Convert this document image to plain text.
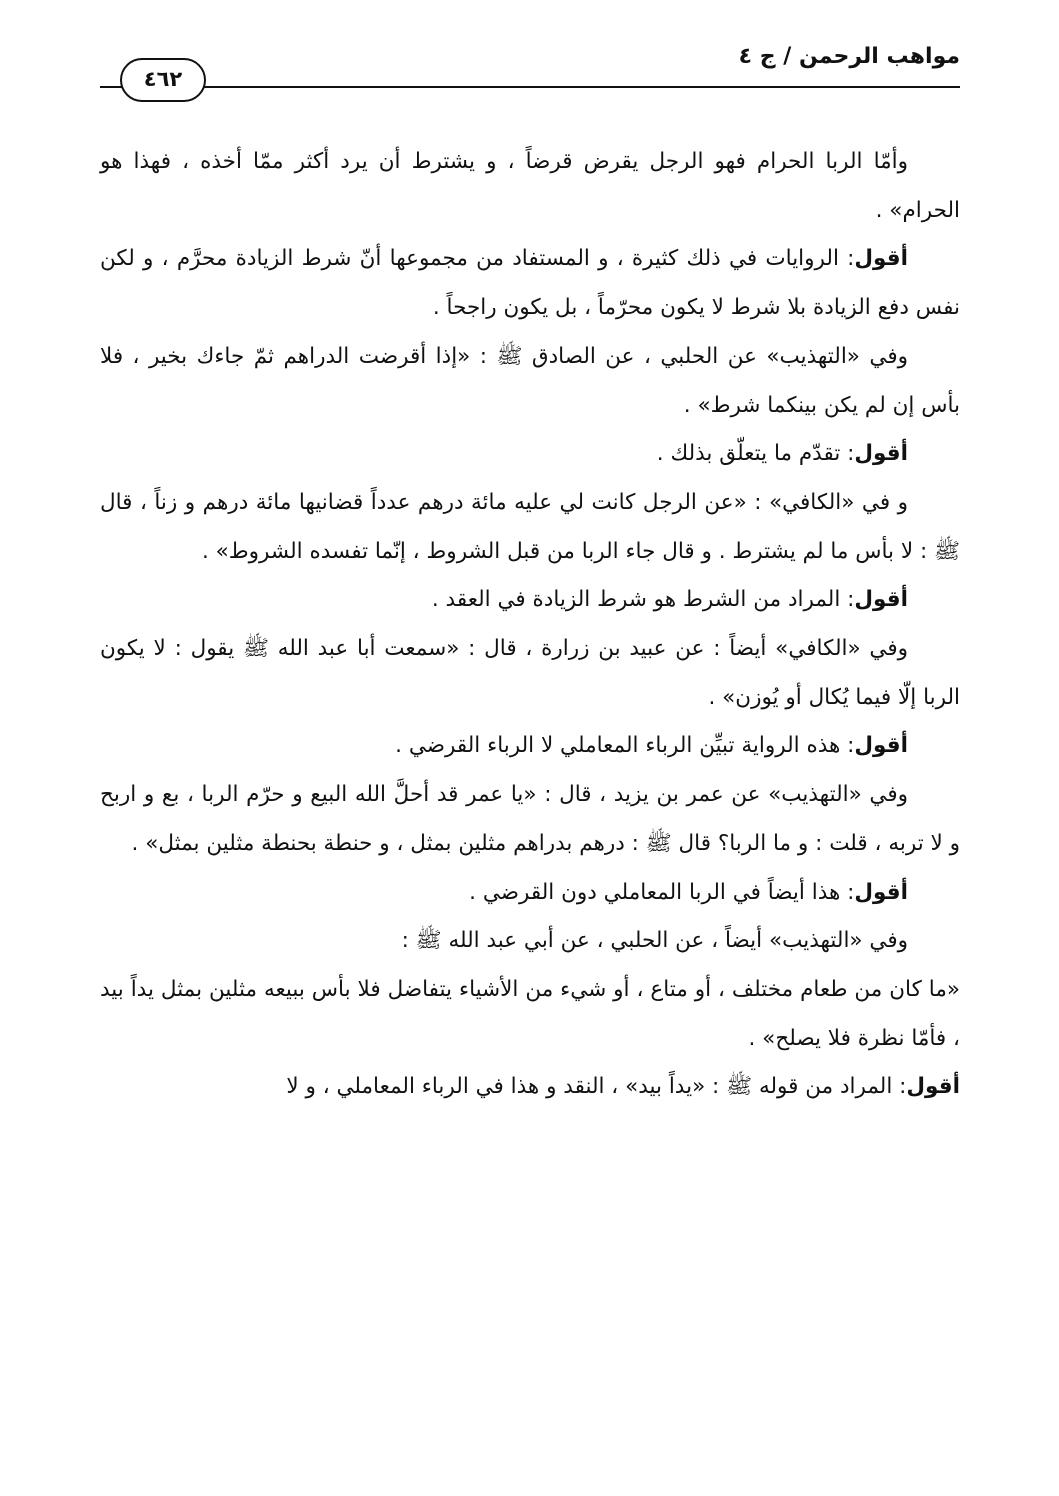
مواهب الرحمن / ج ٤
٤٦٢

وأمّا الربا الحرام فهو الرجل يقرض قرضاً ، و يشترط أن يرد أكثر ممّا أخذه ، فهذا هو الحرام» .

أقول: الروايات في ذلك كثيرة ، و المستفاد من مجموعها أنّ شرط الزيادة محرَّم ، و لكن نفس دفع الزيادة بلا شرط لا يكون محرّماً ، بل يكون راجحاً .

وفي «التهذيب» عن الحلبي ، عن الصادق ﷺ : «إذا أقرضت الدراهم ثمّ جاءك بخير ، فلا بأس إن لم يكن بينكما شرط» .

أقول: تقدّم ما يتعلّق بذلك .

و في «الكافي» : «عن الرجل كانت لي عليه مائة درهم عدداً قضانيها مائة درهم و زناً ، قال ﷺ : لا بأس ما لم يشترط . و قال جاء الربا من قبل الشروط ، إنّما تفسده الشروط» .

أقول: المراد من الشرط هو شرط الزيادة في العقد .

وفي «الكافي» أيضاً : عن عبيد بن زرارة ، قال : «سمعت أبا عبد الله ﷺ يقول : لا يكون الربا إلّا فيما يُكال أو يُوزن» .

أقول: هذه الرواية تبيِّن الرباء المعاملي لا الرباء القرضي .

وفي «التهذيب» عن عمر بن يزيد ، قال : «يا عمر قد أحلَّ الله البيع و حرّم الربا ، بع و اربح و لا تربه ، قلت : و ما الربا؟ قال ﷺ : درهم بدراهم مثلين بمثل ، و حنطة بحنطة مثلين بمثل» .

أقول: هذا أيضاً في الربا المعاملي دون القرضي .

وفي «التهذيب» أيضاً ، عن الحلبي ، عن أبي عبد الله ﷺ :

«ما كان من طعام مختلف ، أو متاع ، أو شيء من الأشياء يتفاضل فلا بأس ببيعه مثلين بمثل يداً بيد ، فأمّا نظرة فلا يصلح» .

أقول: المراد من قوله ﷺ : «يداً بيد» ، النقد و هذا في الرباء المعاملي ، و لا
